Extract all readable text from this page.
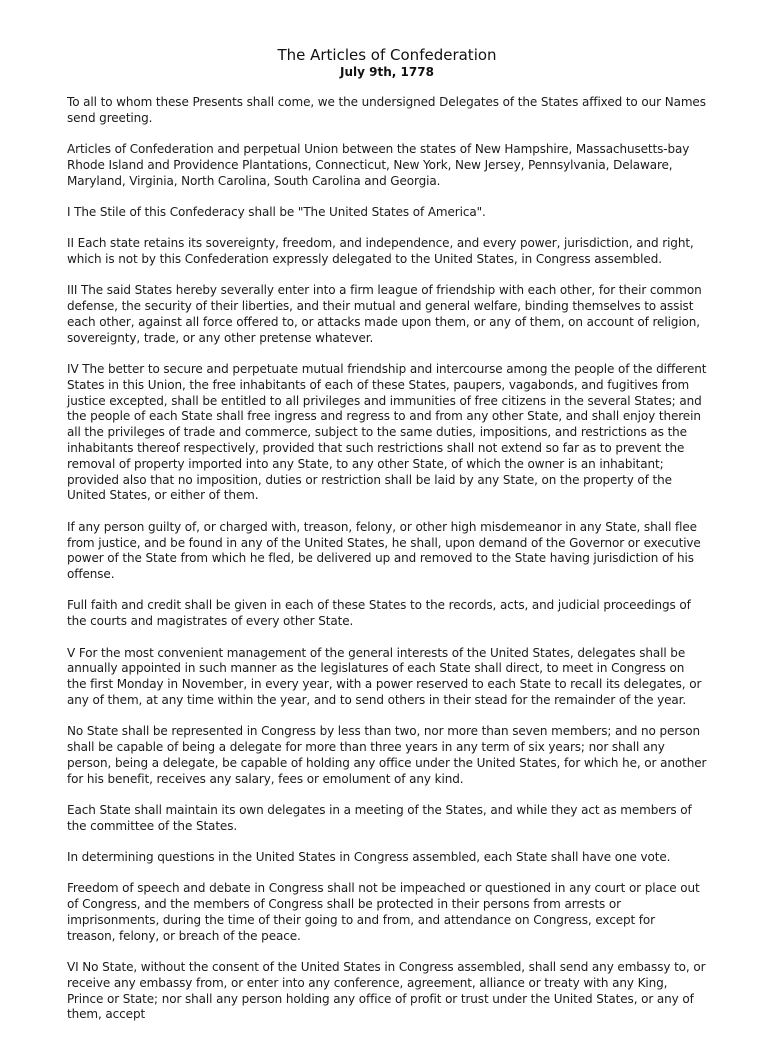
The Articles of Confederation
July 9th, 1778

To all to whom these Presents shall come, we the undersigned Delegates of the States affixed to our Names send greeting.

Articles of Confederation and perpetual Union between the states of New Hampshire, Massachusetts-bay Rhode Island and Providence Plantations, Connecticut, New York, New Jersey, Pennsylvania, Delaware, Maryland, Virginia, North Carolina, South Carolina and Georgia.

I The Stile of this Confederacy shall be "The United States of America".

II Each state retains its sovereignty, freedom, and independence, and every power, jurisdiction, and right, which is not by this Confederation expressly delegated to the United States, in Congress assembled.

III The said States hereby severally enter into a firm league of friendship with each other, for their common defense, the security of their liberties, and their mutual and general welfare, binding themselves to assist each other, against all force offered to, or attacks made upon them, or any of them, on account of religion, sovereignty, trade, or any other pretense whatever.

IV The better to secure and perpetuate mutual friendship and intercourse among the people of the different States in this Union, the free inhabitants of each of these States, paupers, vagabonds, and fugitives from justice excepted, shall be entitled to all privileges and immunities of free citizens in the several States; and the people of each State shall free ingress and regress to and from any other State, and shall enjoy therein all the privileges of trade and commerce, subject to the same duties, impositions, and restrictions as the inhabitants thereof respectively, provided that such restrictions shall not extend so far as to prevent the removal of property imported into any State, to any other State, of which the owner is an inhabitant; provided also that no imposition, duties or restriction shall be laid by any State, on the property of the United States, or either of them.

If any person guilty of, or charged with, treason, felony, or other high misdemeanor in any State, shall flee from justice, and be found in any of the United States, he shall, upon demand of the Governor or executive power of the State from which he fled, be delivered up and removed to the State having jurisdiction of his offense.

Full faith and credit shall be given in each of these States to the records, acts, and judicial proceedings of the courts and magistrates of every other State.

V For the most convenient management of the general interests of the United States, delegates shall be annually appointed in such manner as the legislatures of each State shall direct, to meet in Congress on the first Monday in November, in every year, with a power reserved to each State to recall its delegates, or any of them, at any time within the year, and to send others in their stead for the remainder of the year.

No State shall be represented in Congress by less than two, nor more than seven members; and no person shall be capable of being a delegate for more than three years in any term of six years; nor shall any person, being a delegate, be capable of holding any office under the United States, for which he, or another for his benefit, receives any salary, fees or emolument of any kind.

Each State shall maintain its own delegates in a meeting of the States, and while they act as members of the committee of the States.

In determining questions in the United States in Congress assembled, each State shall have one vote.

Freedom of speech and debate in Congress shall not be impeached or questioned in any court or place out of Congress, and the members of Congress shall be protected in their persons from arrests or imprisonments, during the time of their going to and from, and attendance on Congress, except for treason, felony, or breach of the peace.

VI No State, without the consent of the United States in Congress assembled, shall send any embassy to, or receive any embassy from, or enter into any conference, agreement, alliance or treaty with any King, Prince or State; nor shall any person holding any office of profit or trust under the United States, or any of them, accept
